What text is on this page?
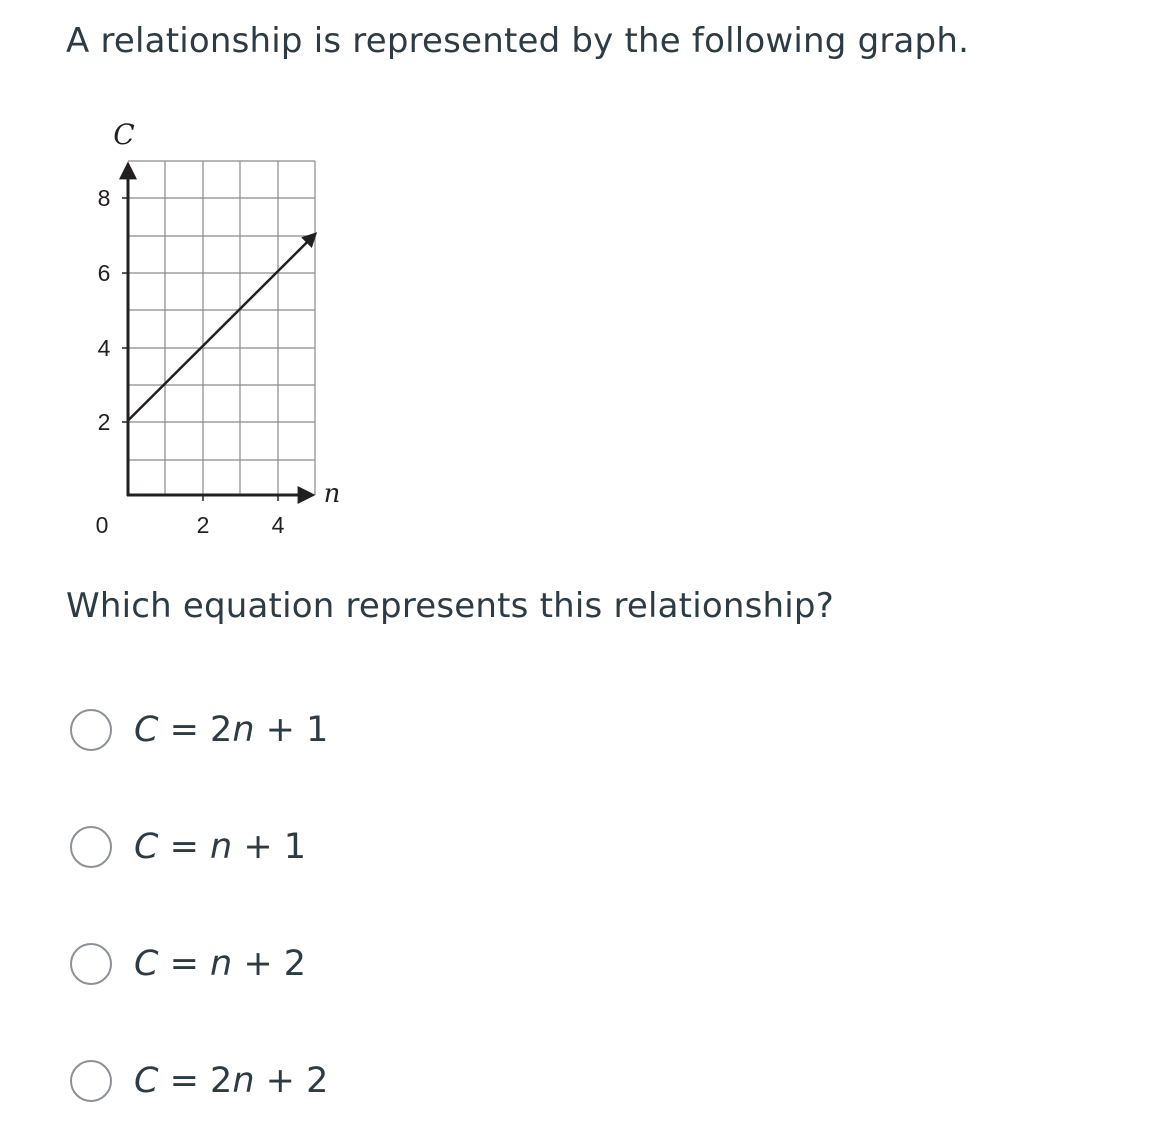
A relationship is represented by the following graph.
C
n
2
4
6
8
0	2	4
Which equation represents this relationship?
C = 2n + 1
C = n + 1
C = n + 2
C = 2n + 2
